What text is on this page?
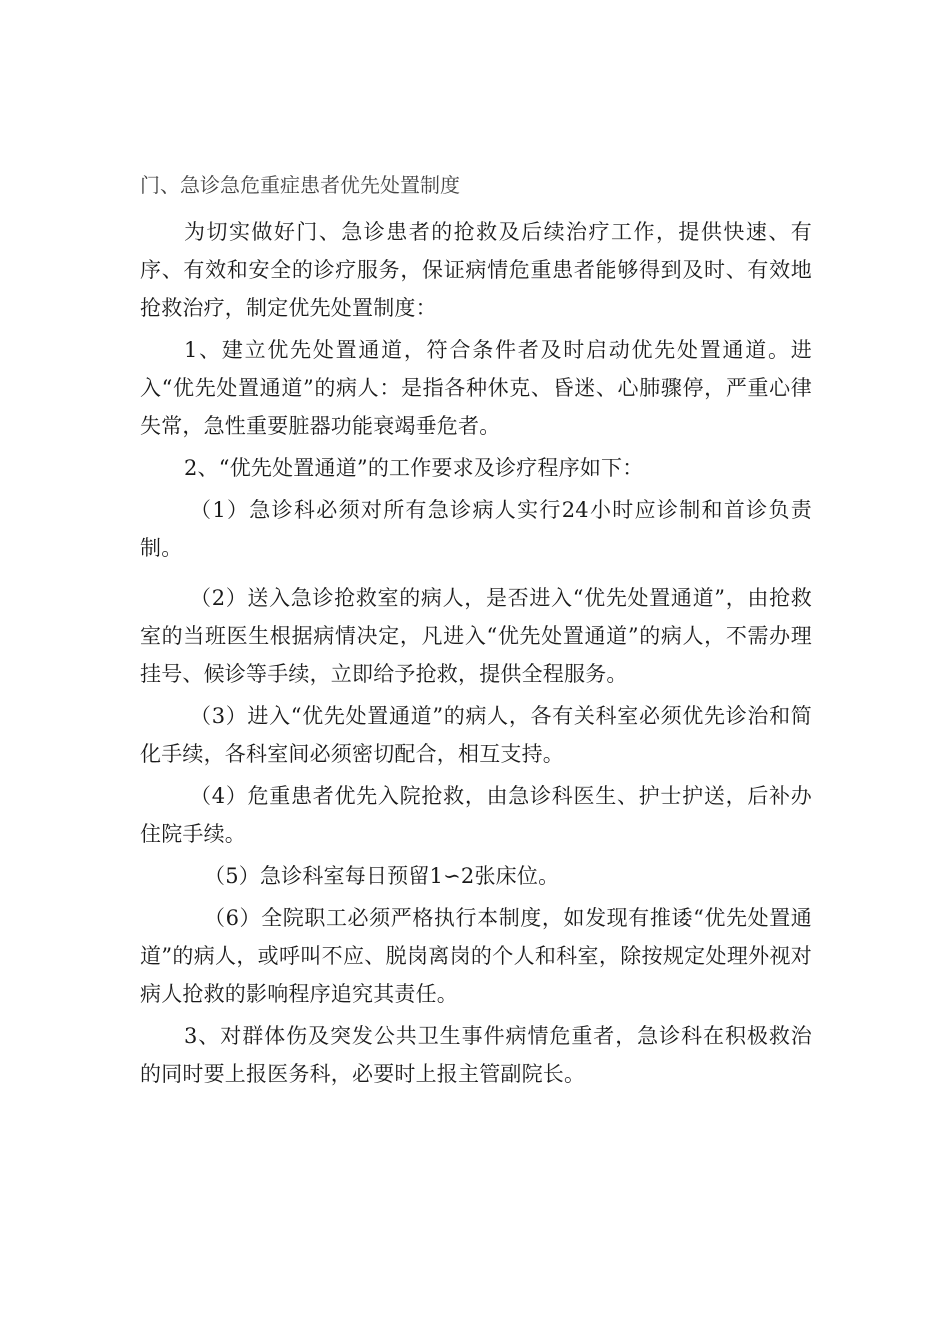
门、急诊急危重症患者优先处置制度

为切实做好门、急诊患者的抢救及后续治疗工作，提供快速、有序、有效和安全的诊疗服务，保证病情危重患者能够得到及时、有效地抢救治疗，制定优先处置制度：

1、建立优先处置通道，符合条件者及时启动优先处置通道。进入“优先处置通道”的病人：是指各种休克、昏迷、心肺骤停，严重心律失常，急性重要脏器功能衰竭垂危者。

2、“优先处置通道”的工作要求及诊疗程序如下：

（1）急诊科必须对所有急诊病人实行24小时应诊制和首诊负责制。

（2）送入急诊抢救室的病人，是否进入“优先处置通道”，由抢救室的当班医生根据病情决定，凡进入“优先处置通道”的病人，不需办理挂号、候诊等手续，立即给予抢救，提供全程服务。

（3）进入“优先处置通道”的病人，各有关科室必须优先诊治和简化手续，各科室间必须密切配合，相互支持。

（4）危重患者优先入院抢救，由急诊科医生、护士护送，后补办住院手续。

（5）急诊科室每日预留1∽2张床位。

（6）全院职工必须严格执行本制度，如发现有推诿“优先处置通道”的病人，或呼叫不应、脱岗离岗的个人和科室，除按规定处理外视对病人抢救的影响程序追究其责任。

3、对群体伤及突发公共卫生事件病情危重者，急诊科在积极救治的同时要上报医务科，必要时上报主管副院长。
